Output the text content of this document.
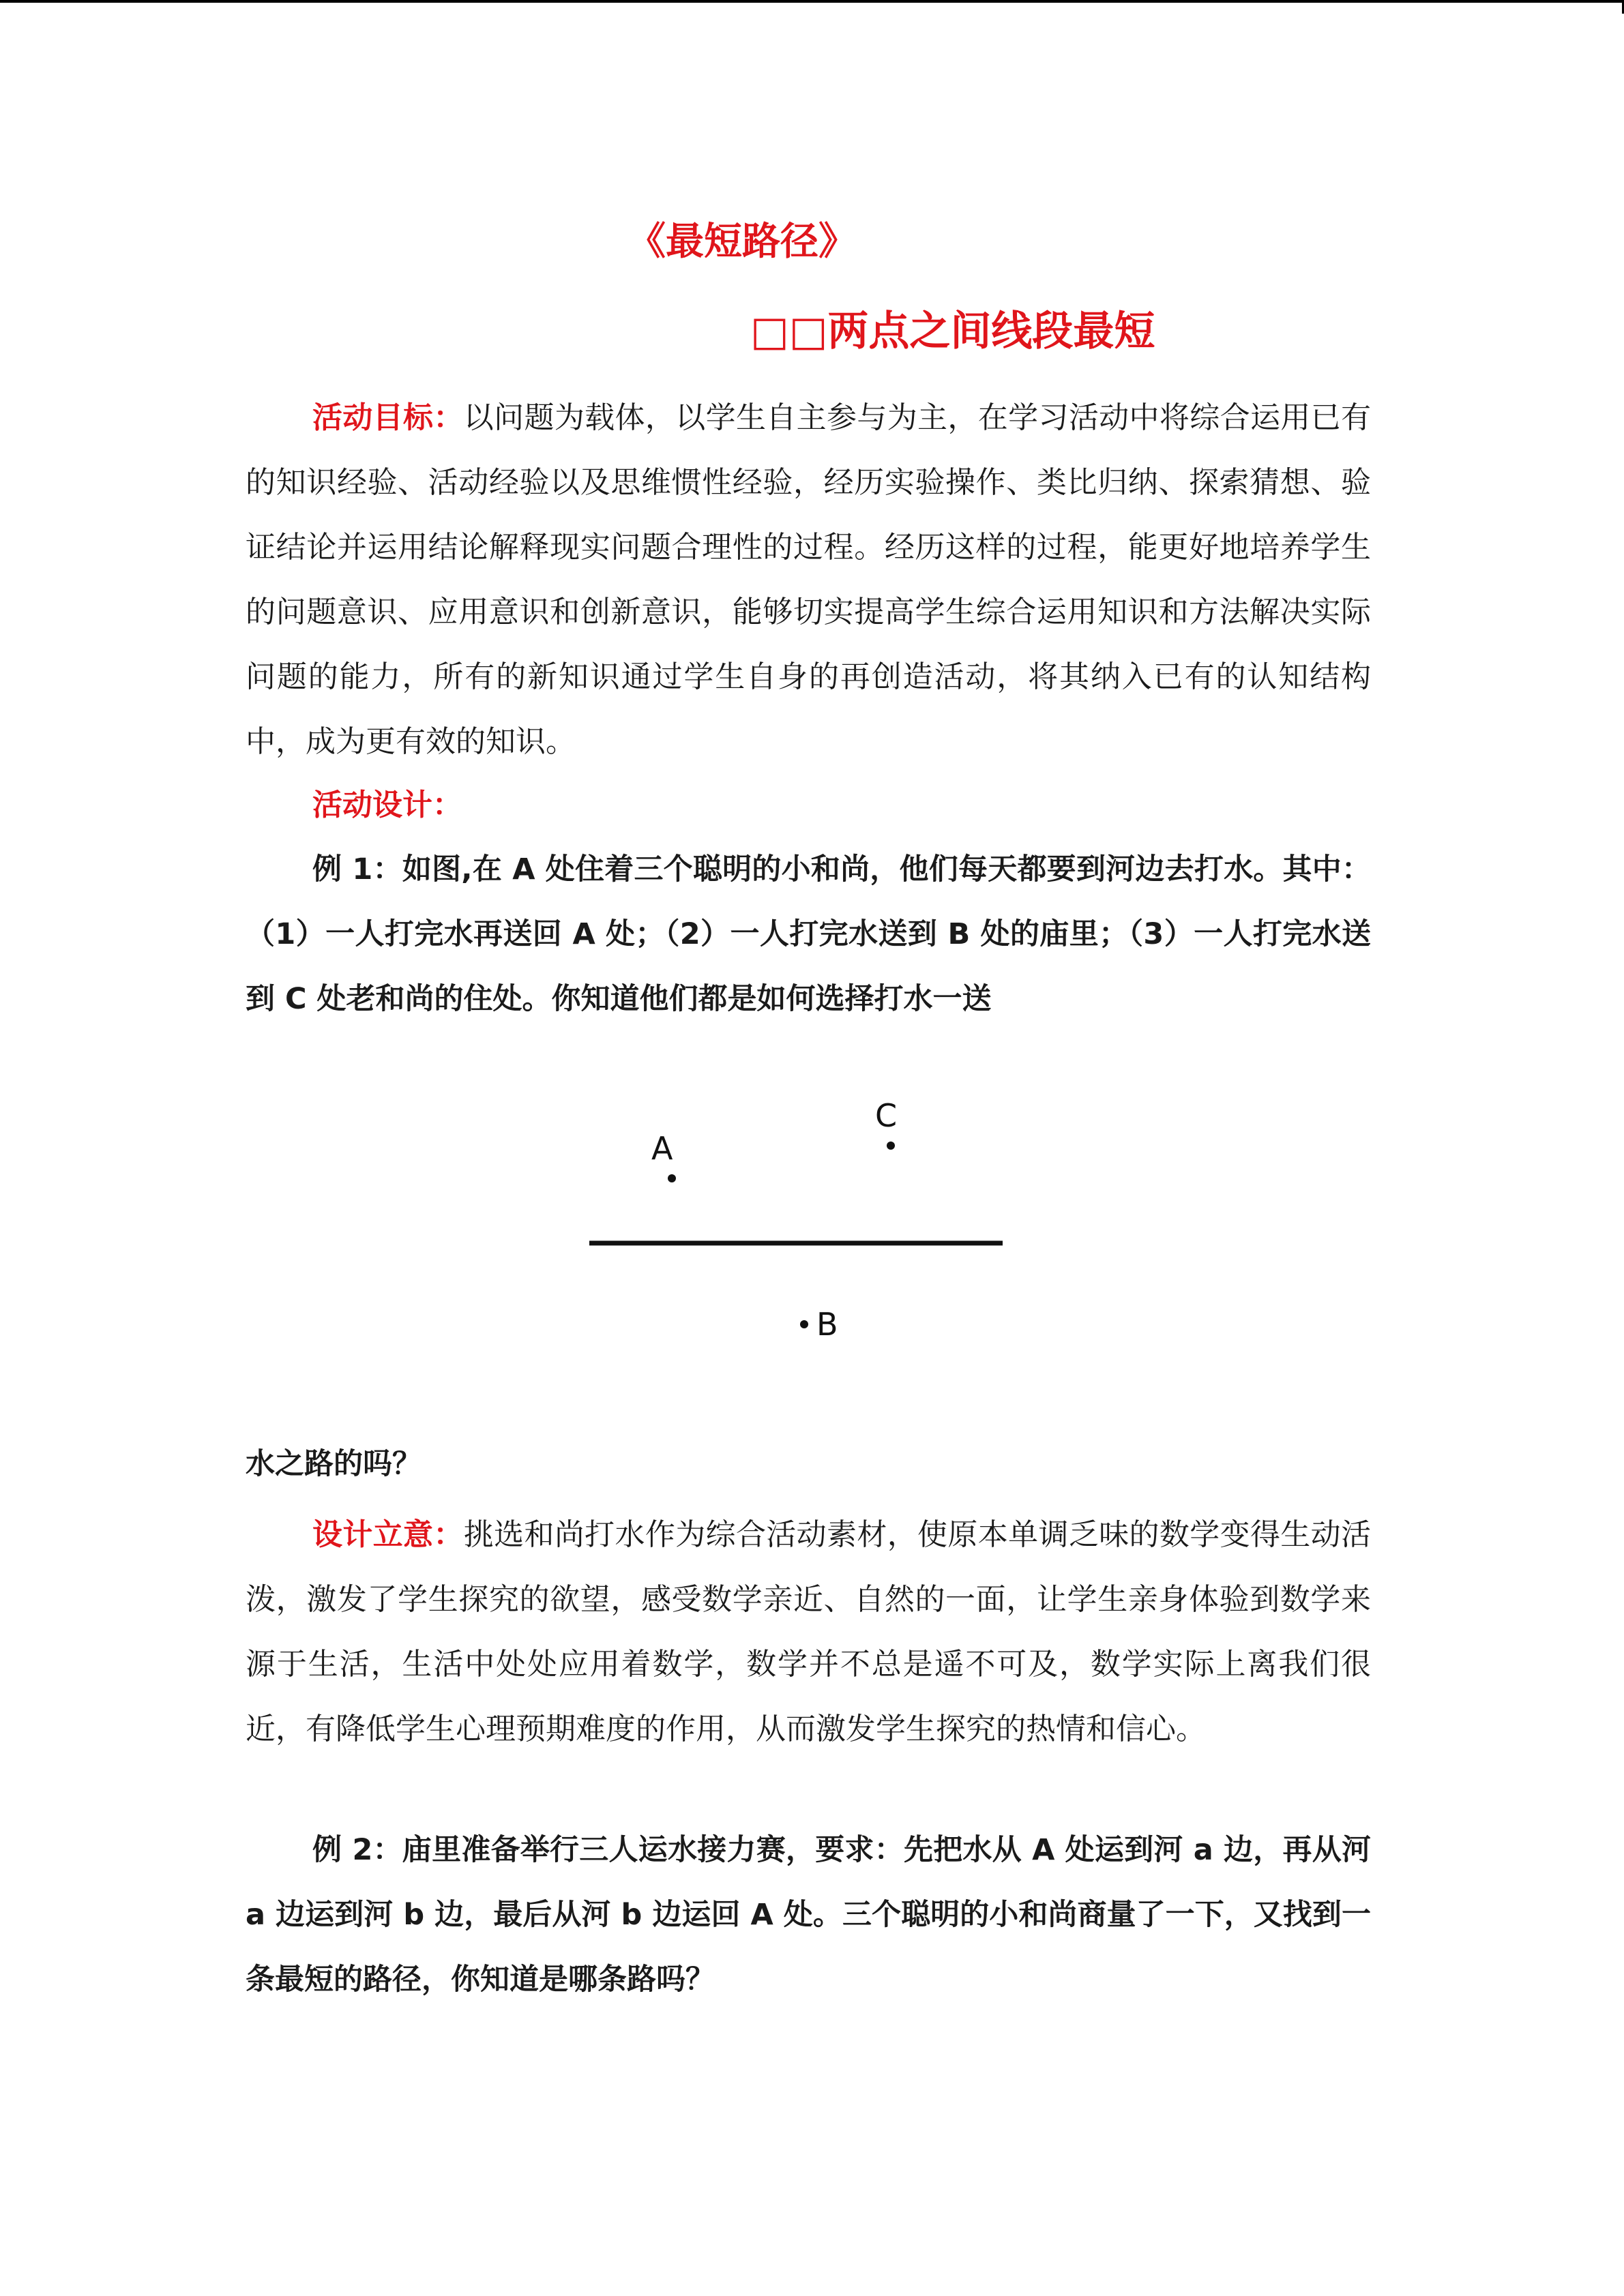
《最短路径》
□□两点之间线段最短

活动目标：以问题为载体，以学生自主参与为主，在学习活动中将综合运用已有的知识经验、活动经验以及思维惯性经验，经历实验操作、类比归纳、探索猜想、验证结论并运用结论解释现实问题合理性的过程。经历这样的过程，能更好地培养学生的问题意识、应用意识和创新意识，能够切实提高学生综合运用知识和方法解决实际问题的能力，所有的新知识通过学生自身的再创造活动，将其纳入已有的认知结构中，成为更有效的知识。

活动设计：

例 1：如图,在 A 处住着三个聪明的小和尚，他们每天都要到河边去打水。其中：（1）一人打完水再送回 A 处；（2）一人打完水送到 B 处的庙里；（3）一人打完水送到 C 处老和尚的住处。你知道他们都是如何选择打水一送

A
C
B

水之路的吗？

设计立意：挑选和尚打水作为综合活动素材，使原本单调乏味的数学变得生动活泼，激发了学生探究的欲望，感受数学亲近、自然的一面，让学生亲身体验到数学来源于生活，生活中处处应用着数学，数学并不总是遥不可及，数学实际上离我们很近，有降低学生心理预期难度的作用，从而激发学生探究的热情和信心。

例 2：庙里准备举行三人运水接力赛，要求：先把水从 A 处运到河 a 边，再从河 a 边运到河 b 边，最后从河 b 边运回 A 处。三个聪明的小和尚商量了一下，又找到一条最短的路径，你知道是哪条路吗？
